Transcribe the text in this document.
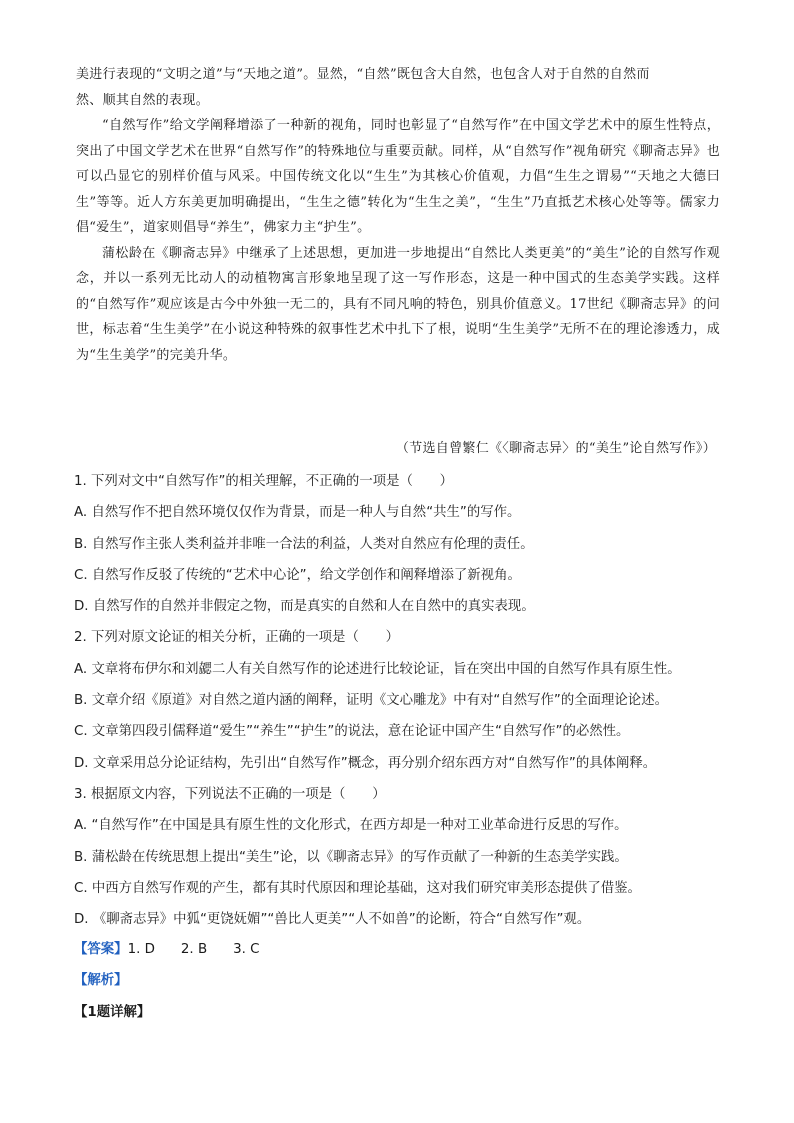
美进行表现的“文明之道”与“天地之道”。显然，“自然”既包含大自然，也包含人对于自然的自然而

然、顺其自然的表现。

“自然写作”给文学阐释增添了一种新的视角，同时也彰显了“自然写作”在中国文学艺术中的原生性特点，突出了中国文学艺术在世界“自然写作”的特殊地位与重要贡献。同样，从“自然写作”视角研究《聊斋志异》也可以凸显它的别样价值与风采。中国传统文化以“生生”为其核心价值观，力倡“生生之谓易”“天地之大德曰生”等等。近人方东美更加明确提出，“生生之德”转化为“生生之美”，“生生”乃直抵艺术核心处等等。儒家力倡“爱生”，道家则倡导“养生”，佛家力主“护生”。

蒲松龄在《聊斋志异》中继承了上述思想，更加进一步地提出“自然比人类更美”的“美生”论的自然写作观念，并以一系列无比动人的动植物寓言形象地呈现了这一写作形态，这是一种中国式的生态美学实践。这样的“自然写作”观应该是古今中外独一无二的，具有不同凡响的特色，别具价值意义。17世纪《聊斋志异》的问世，标志着“生生美学”在小说这种特殊的叙事性艺术中扎下了根，说明“生生美学”无所不在的理论渗透力，成为“生生美学”的完美升华。

（节选自曾繁仁《〈聊斋志异〉的“美生”论自然写作》）
1. 下列对文中“自然写作”的相关理解，不正确的一项是（　　）
A. 自然写作不把自然环境仅仅作为背景，而是一种人与自然“共生”的写作。
B. 自然写作主张人类利益并非唯一合法的利益，人类对自然应有伦理的责任。
C. 自然写作反驳了传统的“艺术中心论”，给文学创作和阐释增添了新视角。
D. 自然写作的自然并非假定之物，而是真实的自然和人在自然中的真实表现。
2. 下列对原文论证的相关分析，正确的一项是（　　）
A. 文章将布伊尔和刘勰二人有关自然写作的论述进行比较论证，旨在突出中国的自然写作具有原生性。
B. 文章介绍《原道》对自然之道内涵的阐释，证明《文心雕龙》中有对“自然写作”的全面理论论述。
C. 文章第四段引儒释道“爱生”“养生”“护生”的说法，意在论证中国产生“自然写作”的必然性。
D. 文章采用总分论证结构，先引出“自然写作”概念，再分别介绍东西方对“自然写作”的具体阐释。
3. 根据原文内容，下列说法不正确的一项是（　　）
A. “自然写作”在中国是具有原生性的文化形式，在西方却是一种对工业革命进行反思的写作。
B. 蒲松龄在传统思想上提出“美生”论，以《聊斋志异》的写作贡献了一种新的生态美学实践。
C. 中西方自然写作观的产生，都有其时代原因和理论基础，这对我们研究审美形态提供了借鉴。
D. 《聊斋志异》中狐“更饶妩媚”“兽比人更美”“人不如兽”的论断，符合“自然写作”观。
【答案】1. D 2. B 3. C
【解析】
【1题详解】
